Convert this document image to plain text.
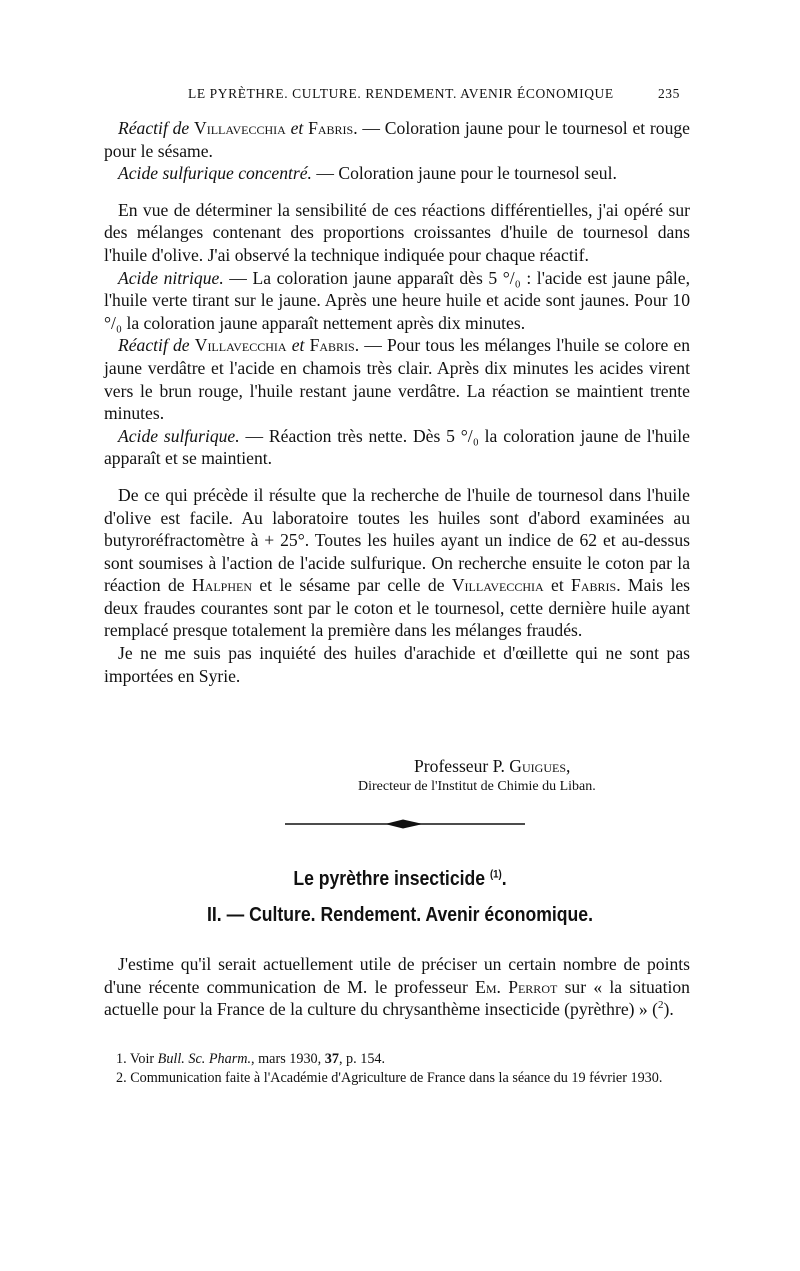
LE PYRÈTHRE. CULTURE. RENDEMENT. AVENIR ÉCONOMIQUE	235

Réactif de Villavecchia et Fabris. — Coloration jaune pour le tournesol et rouge pour le sésame.

Acide sulfurique concentré. — Coloration jaune pour le tournesol seul.

En vue de déterminer la sensibilité de ces réactions différentielles, j'ai opéré sur des mélanges contenant des proportions croissantes d'huile de tournesol dans l'huile d'olive. J'ai observé la technique indiquée pour chaque réactif.

Acide nitrique. — La coloration jaune apparaît dès 5 °/₀ : l'acide est jaune pâle, l'huile verte tirant sur le jaune. Après une heure huile et acide sont jaunes. Pour 10 °/₀ la coloration jaune apparaît nettement après dix minutes.

Réactif de Villavecchia et Fabris. — Pour tous les mélanges l'huile se colore en jaune verdâtre et l'acide en chamois très clair. Après dix minutes les acides virent vers le brun rouge, l'huile restant jaune verdâtre. La réaction se maintient trente minutes.

Acide sulfurique. — Réaction très nette. Dès 5 °/₀ la coloration jaune de l'huile apparaît et se maintient.

De ce qui précède il résulte que la recherche de l'huile de tournesol dans l'huile d'olive est facile. Au laboratoire toutes les huiles sont d'abord examinées au butyroréfractomètre à + 25°. Toutes les huiles ayant un indice de 62 et au-dessus sont soumises à l'action de l'acide sulfurique. On recherche ensuite le coton par la réaction de Halphen et le sésame par celle de Villavecchia et Fabris. Mais les deux fraudes courantes sont par le coton et le tournesol, cette dernière huile ayant remplacé presque totalement la première dans les mélanges fraudés.

Je ne me suis pas inquiété des huiles d'arachide et d'œillette qui ne sont pas importées en Syrie.

Professeur P. Guigues,
Directeur de l'Institut de Chimie du Liban.
Le pyrèthre insecticide $^{(1)}$.
II. — Culture. Rendement. Avenir économique.

J'estime qu'il serait actuellement utile de préciser un certain nombre de points d'une récente communication de M. le professeur Em. Perrot sur « la situation actuelle pour la France de la culture du chrysanthème insecticide (pyrèthre) » ($^2$).

1. Voir Bull. Sc. Pharm., mars 1930, 37, p. 154.

2. Communication faite à l'Académie d'Agriculture de France dans la séance du 19 février 1930.
